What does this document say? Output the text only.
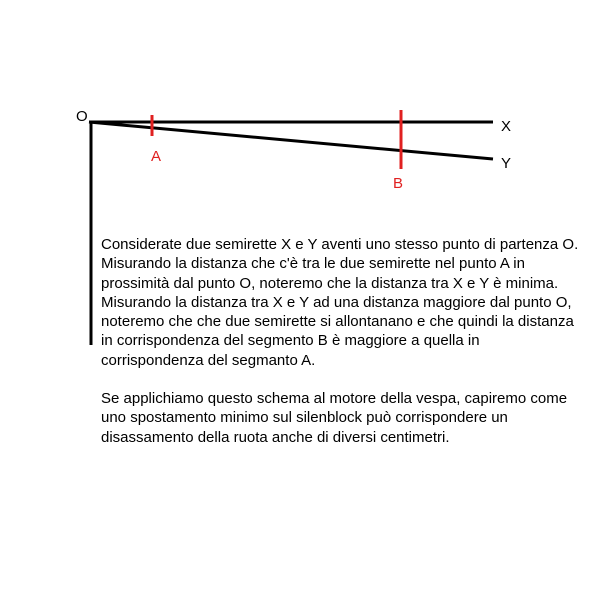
O
X
Y
A
B

Considerate due semirette X e Y aventi uno stesso punto di partenza O.

Misurando la distanza che c'è tra le due semirette nel punto A in prossimità dal punto O, noteremo che la distanza tra X e Y è minima.

Misurando la distanza tra X e Y ad una distanza maggiore dal punto O, noteremo che che due semirette si allontanano e che quindi la distanza in corrispondenza del segmento B è maggiore a quella in corrispondenza del segmanto A.

Se applichiamo questo schema al motore della vespa, capiremo come uno spostamento minimo sul silenblock può corrispondere un disassamento della ruota anche di diversi centimetri.
